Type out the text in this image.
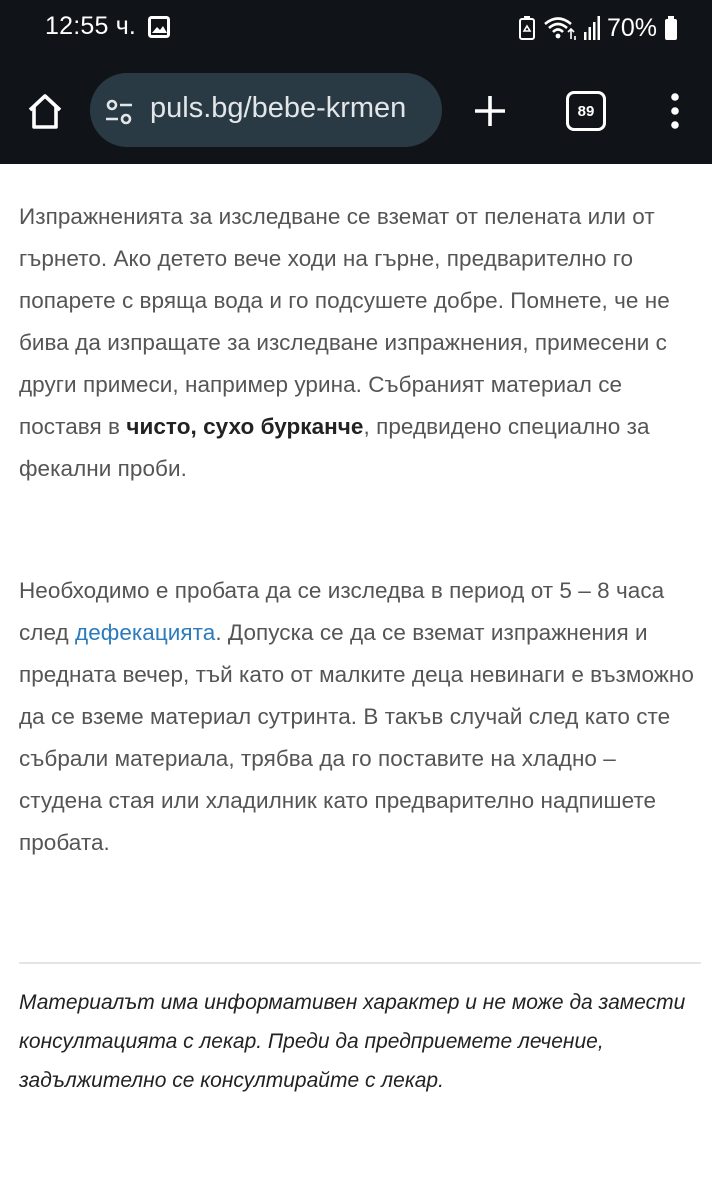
12:55 ч.	70%
puls.bg/bebe-krmen	89

Изпражненията за изследване се вземат от пелената или от гърнето. Ако детето вече ходи на гърне, предварително го попарете с вряща вода и го подсушете добре. Помнете, че не бива да изпращате за изследване изпражнения, примесени с други примеси, например урина. Събраният материал се поставя в чисто, сухо бурканче, предвидено специално за фекални проби.

Необходимо е пробата да се изследва в период от 5 – 8 часа след дефекацията. Допуска се да се вземат изпражнения и предната вечер, тъй като от малките деца невинаги е възможно да се вземе материал сутринта. В такъв случай след като сте събрали материала, трябва да го поставите на хладно – студена стая или хладилник като предварително надпишете пробата.

Материалът има информативен характер и не може да замести консултацията с лекар. Преди да предприемете лечение, задължително се консултирайте с лекар.
